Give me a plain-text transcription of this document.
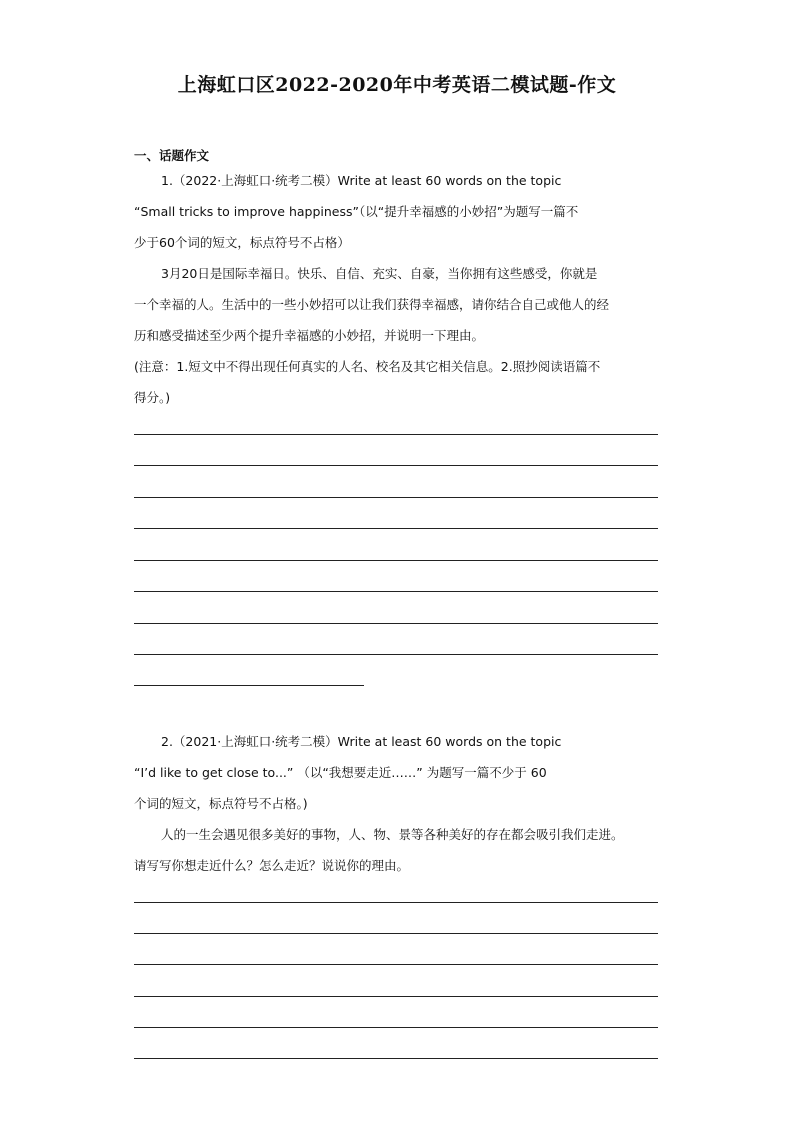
上海虹口区2022-2020年中考英语二模试题-作文
一、话题作文
1.（2022·上海虹口·统考二模）Write at least 60 words on the topic
“Small tricks to improve happiness”（以“提升幸福感的小妙招”为题写一篇不
少于60个词的短文，标点符号不占格）
3月20日是国际幸福日。快乐、自信、充实、自豪，当你拥有这些感受，你就是
一个幸福的人。生活中的一些小妙招可以让我们获得幸福感，请你结合自己或他人的经
历和感受描述至少两个提升幸福感的小妙招，并说明一下理由。
(注意：1.短文中不得出现任何真实的人名、校名及其它相关信息。2.照抄阅读语篇不
得分。)
2.（2021·上海虹口·统考二模）Write at least 60 words on the topic
“I’d like to get close to...” （以“我想要走近……” 为题写一篇不少于 60
个词的短文，标点符号不占格。)
人的一生会遇见很多美好的事物，人、物、景等各种美好的存在都会吸引我们走进。
请写写你想走近什么？怎么走近？说说你的理由。
